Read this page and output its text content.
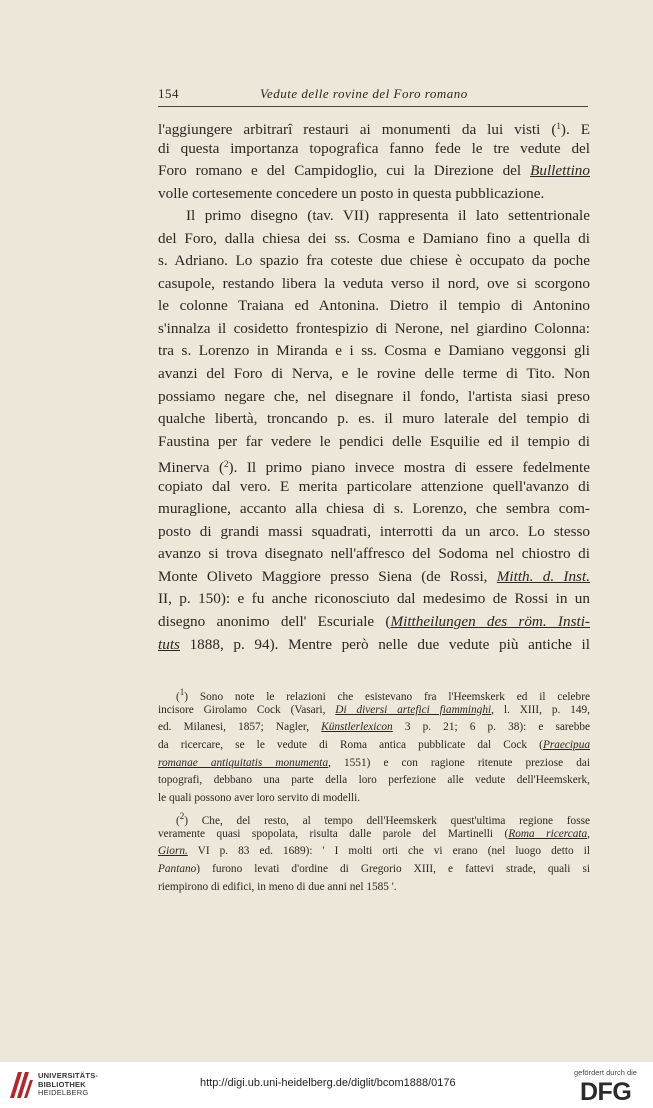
154	Vedute delle rovine del Foro romano
l'aggiungere arbitrarî restauri ai monumenti da lui visti ($^1$). E
di questa importanza topografica fanno fede le tre vedute del
Foro romano e del Campidoglio, cui la Direzione del Bullettino
volle cortesemente concedere un posto in questa pubblicazione.
Il primo disegno (tav. VII) rappresenta il lato settentrionale
del Foro, dalla chiesa dei ss. Cosma e Damiano fino a quella di
s. Adriano. Lo spazio fra coteste due chiese è occupato da poche
casupole, restando libera la veduta verso il nord, ove si scorgono
le colonne Traiana ed Antonina. Dietro il tempio di Antonino
s'innalza il cosidetto frontespizio di Nerone, nel giardino Colonna:
tra s. Lorenzo in Miranda e i ss. Cosma e Damiano veggonsi gli
avanzi del Foro di Nerva, e le rovine delle terme di Tito. Non
possiamo negare che, nel disegnare il fondo, l'artista siasi preso
qualche libertà, troncando p. es. il muro laterale del tempio di
Faustina per far vedere le pendici delle Esquilie ed il tempio di
Minerva ($^2$). Il primo piano invece mostra di essere fedelmente
copiato dal vero. E merita particolare attenzione quell'avanzo di
muraglione, accanto alla chiesa di s. Lorenzo, che sembra com-
posto di grandi massi squadrati, interrotti da un arco. Lo stesso
avanzo si trova disegnato nell'affresco del Sodoma nel chiostro di
Monte Oliveto Maggiore presso Siena (de Rossi, Mitth. d. Inst.
II, p. 150): e fu anche riconosciuto dal medesimo de Rossi in un
disegno anonimo dell' Escuriale (Mittheilungen des röm. Insti-
tuts 1888, p. 94). Mentre però nelle due vedute più antiche il
($^1$) Sono note le relazioni che esistevano fra l'Heemskerk ed il celebre
incisore Girolamo Cock (Vasari, Di diversi artefici fiamminghi, l. XIII, p. 149,
ed. Milanesi, 1857; Nagler, Künstlerlexicon 3 p. 21; 6 p. 38): e sarebbe
da ricercare, se le vedute di Roma antica pubblicate dal Cock (Praecipua
romanae antiquitatis monumenta, 1551) e con ragione ritenute preziose dai
topografi, debbano una parte della loro perfezione alle vedute dell'Heemskerk,
le quali possono aver loro servito di modelli.
($^2$) Che, del resto, al tempo dell'Heemskerk quest'ultima regione fosse
veramente quasi spopolata, risulta dalle parole del Martinelli (Roma ricercata,
Giorn. VI p. 83 ed. 1689): ' I molti orti che vi erano (nel luogo detto il
Pantano) furono levati d'ordine di Gregorio XIII, e fattevi strade, quali si
riempirono di edifici, in meno di due anni nel 1585 '.
UNIVERSITÄTS-
BIBLIOTHEK
HEIDELBERG
http://digi.ub.uni-heidelberg.de/diglit/bcom1888/0176
gefördert durch die
DFG
